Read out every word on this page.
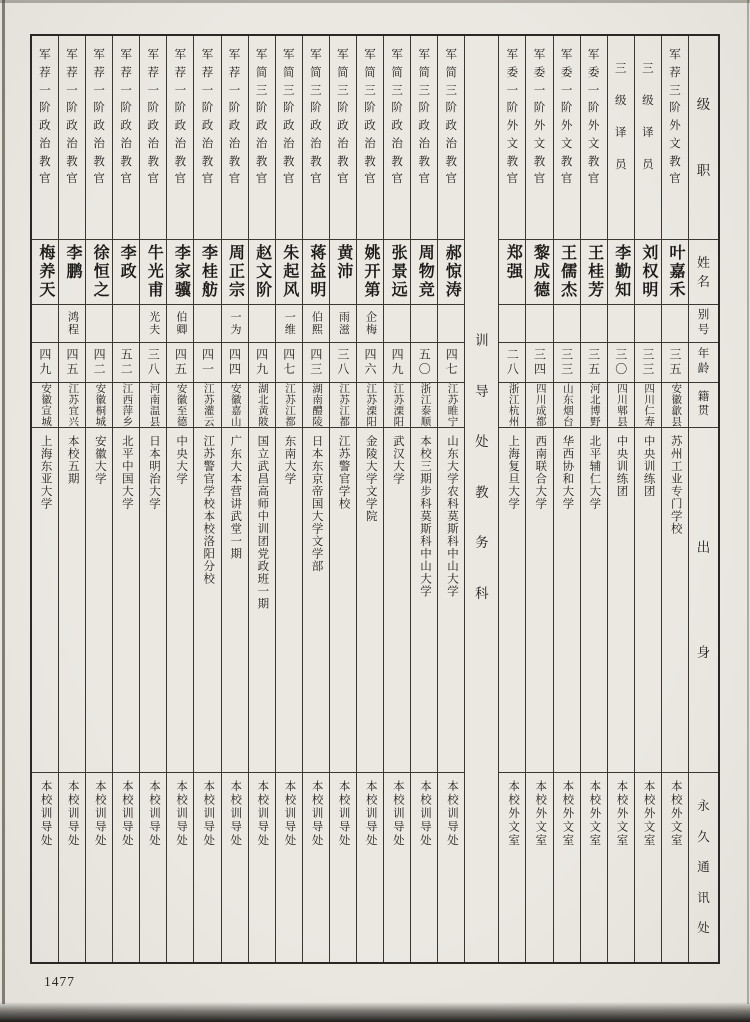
级
职
姓
名
别
号
年
龄
籍
贯
出
身
永
久
通
讯
处
军
荐
三
阶
外
文
教
官
叶嘉禾
三五
安徽歙县
苏州工业专门学校
本校外文室
三
级
译
员
刘权明
三三
四川仁寿
中央训练团
本校外文室
三
级
译
员
李勤知
三〇
四川郫县
中央训练团
本校外文室
军
委
一
阶
外
文
教
官
王桂芳
三五
河北博野
北平辅仁大学
本校外文室
军
委
一
阶
外
文
教
官
王儒杰
三三
山东烟台
华西协和大学
本校外文室
军
委
一
阶
外
文
教
官
黎成德
三四
四川成都
西南联合大学
本校外文室
军
委
一
阶
外
文
教
官
郑强
二八
浙江杭州
上海复旦大学
本校外文室
训
导
处
教
务
科
军
简
三
阶
政
治
教
官
郝惊涛
四七
江苏睢宁
山东大学农科莫斯科中山大学
本校训导处
军
简
三
阶
政
治
教
官
周物竞
五〇
浙江泰顺
本校三期步科莫斯科中山大学
本校训导处
军
简
三
阶
政
治
教
官
张景远
四九
江苏溧阳
武汉大学
本校训导处
军
简
三
阶
政
治
教
官
姚开第
企梅
四六
江苏溧阳
金陵大学文学院
本校训导处
军
简
三
阶
政
治
教
官
黄沛
雨滋
三八
江苏江都
江苏警官学校
本校训导处
军
简
三
阶
政
治
教
官
蒋益明
伯熙
四三
湖南醴陵
日本东京帝国大学文学部
本校训导处
军
简
三
阶
政
治
教
官
朱起风
一维
四七
江苏江都
东南大学
本校训导处
军
简
三
阶
政
治
教
官
赵文阶
四九
湖北黄陂
国立武昌高师中训团党政班一期
本校训导处
军
荐
一
阶
政
治
教
官
周正宗
一为
四四
安徽嘉山
广东大本营讲武堂一期
本校训导处
军
荐
一
阶
政
治
教
官
李桂舫
四一
江苏灌云
江苏警官学校本校洛阳分校
本校训导处
军
荐
一
阶
政
治
教
官
李家骥
伯卿
四五
安徽至德
中央大学
本校训导处
军
荐
一
阶
政
治
教
官
牛光甫
光夫
三八
河南温县
日本明治大学
本校训导处
军
荐
一
阶
政
治
教
官
李政
五二
江西萍乡
北平中国大学
本校训导处
军
荐
一
阶
政
治
教
官
徐恒之
四二
安徽桐城
安徽大学
本校训导处
军
荐
一
阶
政
治
教
官
李鹏
鸿程
四五
江苏宜兴
本校五期
本校训导处
军
荐
一
阶
政
治
教
官
梅养天
四九
安徽宣城
上海东亚大学
本校训导处
1477
